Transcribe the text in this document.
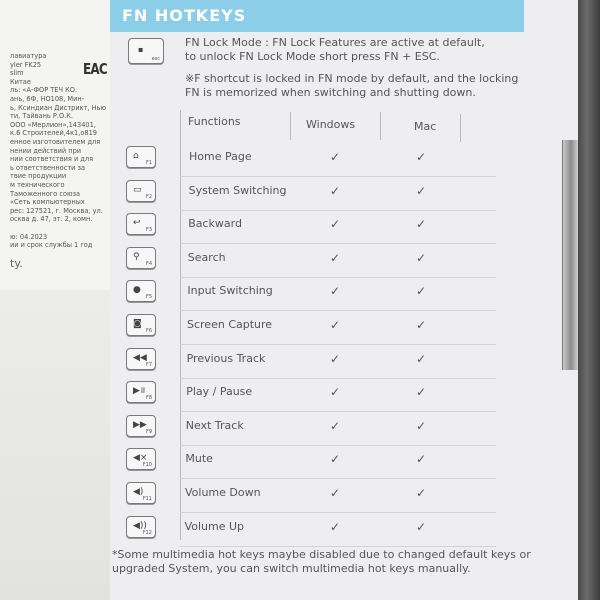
EAC
ty.
лавиатура
yler FK25
slim
Китае
ль: «А-ФОР ТЕЧ КО.
ань, 6Ф, НО108, Мин-
ь, Ксиндиан Дистрикт, Нью
ти, Тайвань Р.О.К.
ООО «Мерлион»,143401,
к.6 Строителей,4к1,о819
енное изготовителем для
нении действий при
нии соответствия и для
ь ответственности за
твие продукции
м технического
Таможенного союза
«Сеть компьютерных
рес: 127521, г. Москва, ул.
осква д. 47, эт. 2, комн.
ю: 04.2023
ии и срок службы 1 год
FN HOTKEYS
▪
esc
FN Lock Mode : FN Lock Features are active at default,
to unlock FN Lock Mode short press FN + ESC.
※F shortcut is locked in FN mode by default, and the locking
FN is memorized when switching and shutting down.
Functions	Windows	Mac
⌂
F1	Home Page	✓	✓
▭
F2	System Switching	✓	✓
↩
F3	Backward	✓	✓
⚲
F4	Search	✓	✓
●
F5	Input Switching	✓	✓
◙
F6	Screen Capture	✓	✓
◀◀
F7	Previous Track	✓	✓
▶॥
F8	Play / Pause	✓	✓
▶▶
F9	Next Track	✓	✓
◀×
F10	Mute	✓	✓
◀)
F11	Volume Down	✓	✓
◀))
F12	Volume Up	✓	✓
*Some multimedia hot keys maybe disabled due to changed default keys or
upgraded System, you can switch multimedia hot keys manually.
